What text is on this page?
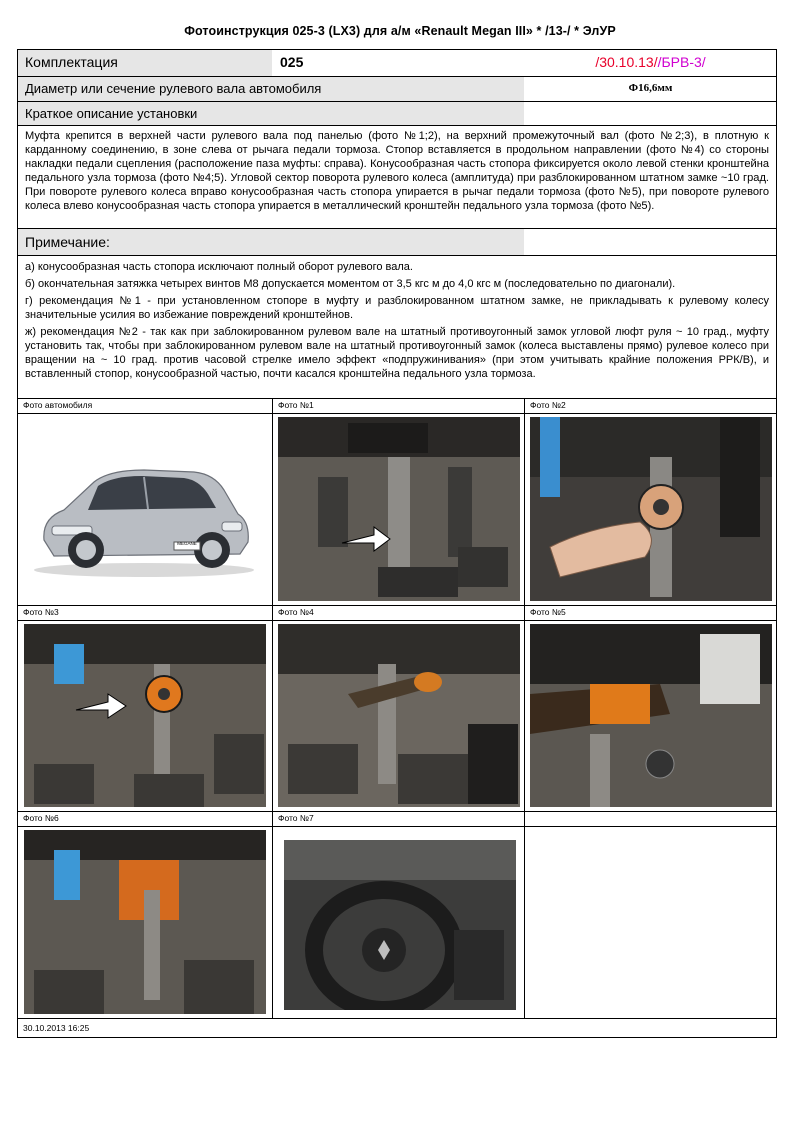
Фотоинструкция 025-3 (LX3) для а/м «Renault Megan III» * /13-/ * ЭлУР
Комплектация	025	/30.10.13//БРВ-3/
Диаметр или сечение рулевого вала автомобиля	Ф16,6мм
Краткое описание установки
Муфта крепится в верхней части рулевого вала под панелью (фото №1;2), на верхний промежуточный вал (фото №2;3), в плотную к карданному соединению, в зоне слева от рычага педали тормоза. Стопор вставляется в продольном направлении (фото №4) со стороны накладки педали сцепления (расположение паза муфты: справа). Конусообразная часть стопора фиксируется около левой стенки кронштейна педального узла тормоза (фото №4;5). Угловой сектор поворота рулевого колеса (амплитуда) при разблокированном штатном замке ~10 град. При повороте рулевого колеса вправо конусообразная часть стопора упирается в рычаг педали тормоза (фото №5), при повороте рулевого колеса влево конусообразная часть стопора упирается в металлический кронштейн педального узла тормоза (фото №5).
Примечание:

а) конусообразная часть стопора исключают полный оборот рулевого вала.

б) окончательная затяжка четырех винтов М8 допускается моментом от 3,5 кгс м до 4,0 кгс м (последовательно по диагонали).

г) рекомендация №1 - при установленном стопоре в муфту и разблокированном штатном замке, не прикладывать к рулевому колесу значительные усилия во избежание повреждений кронштейнов.

ж) рекомендация №2 - так как при заблокированном рулевом вале на штатный противоугонный замок угловой люфт руля ~ 10 град., муфту установить так, чтобы при заблокированном рулевом вале на штатный противоугонный замок (колеса выставлены прямо) рулевое колесо при вращении на ~ 10 град. против часовой стрелке имело эффект «подпружинивания» (при этом учитывать крайние положения РРК/В), и вставленный стопор, конусообразной частью, почти касался кронштейна педального узла тормоза.

Фото автомобиля	Фото №1	Фото №2
Фото №3	Фото №4	Фото №5
Фото №6	Фото №7
MEGANE
30.10.2013 16:25
